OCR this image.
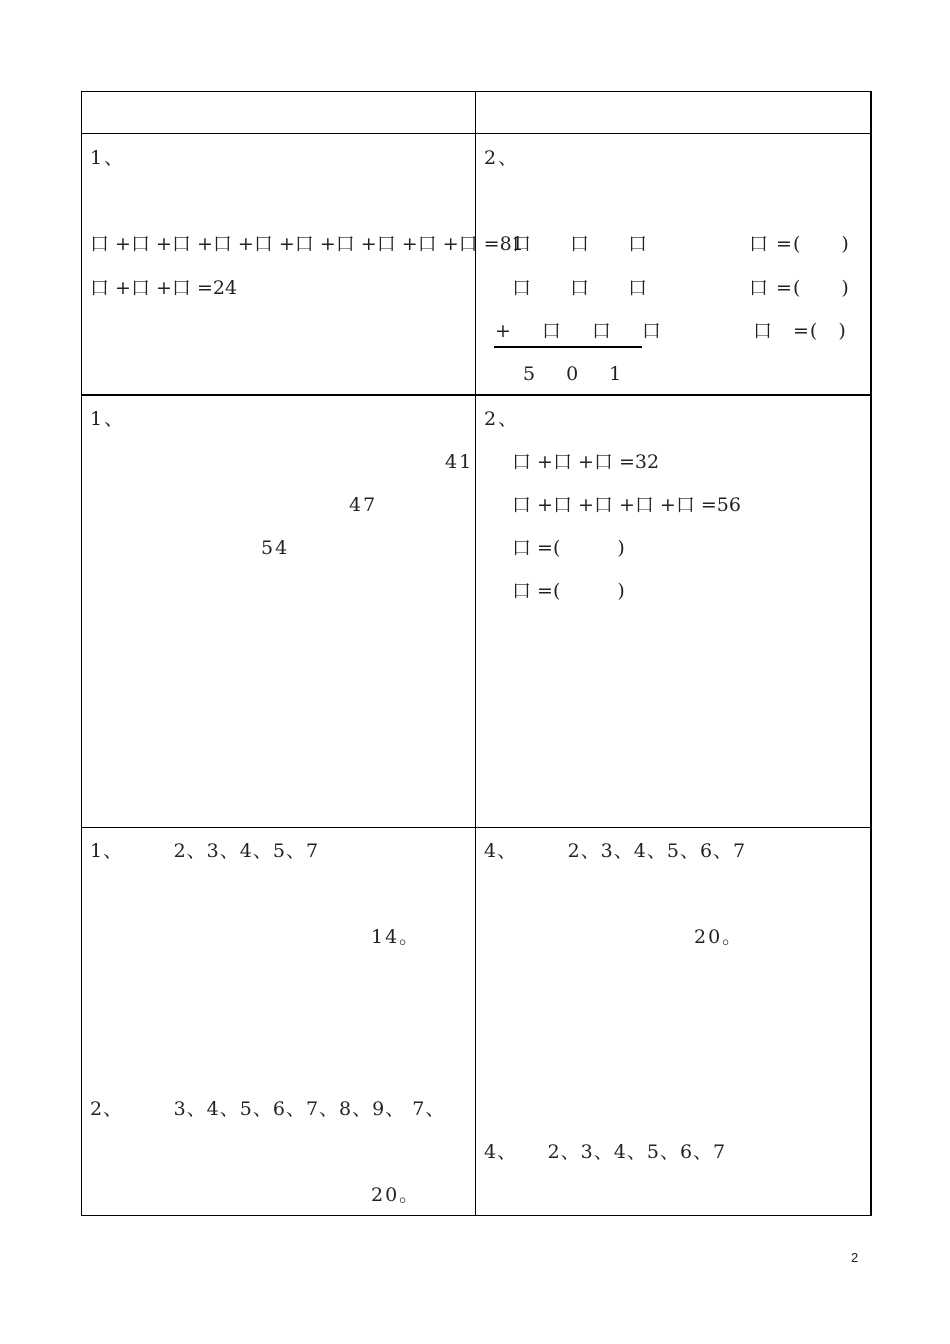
1、　　　　　　　　　　　　　　

口 +口 +口 +口 +口 +口 +口 +口 +口 +口 =81
口 +口 +口 =24
2、　　　　　　　　　　　　　　　

口　口　口	口 =(　　)
口　口　口	口 =(　　)
+　口　口　口	口　=(　)
5　0　1
1、　　　　　　　　　　　　　

41

47

54

2、　　　　　　　　　　　　
口 +口 +口 =32
口 +口 +口 +口 +口 =56
口 =(　　　)
口 =(　　　)
1、　　　2、3、4、5、7　　　　　　

14。
2、　　　3、4、5、6、7、8、9、 7、

20。
4、　　　2、3、4、5、6、7　　　　

20。
4、　　2、3、4、5、6、7　　　　　　

2
